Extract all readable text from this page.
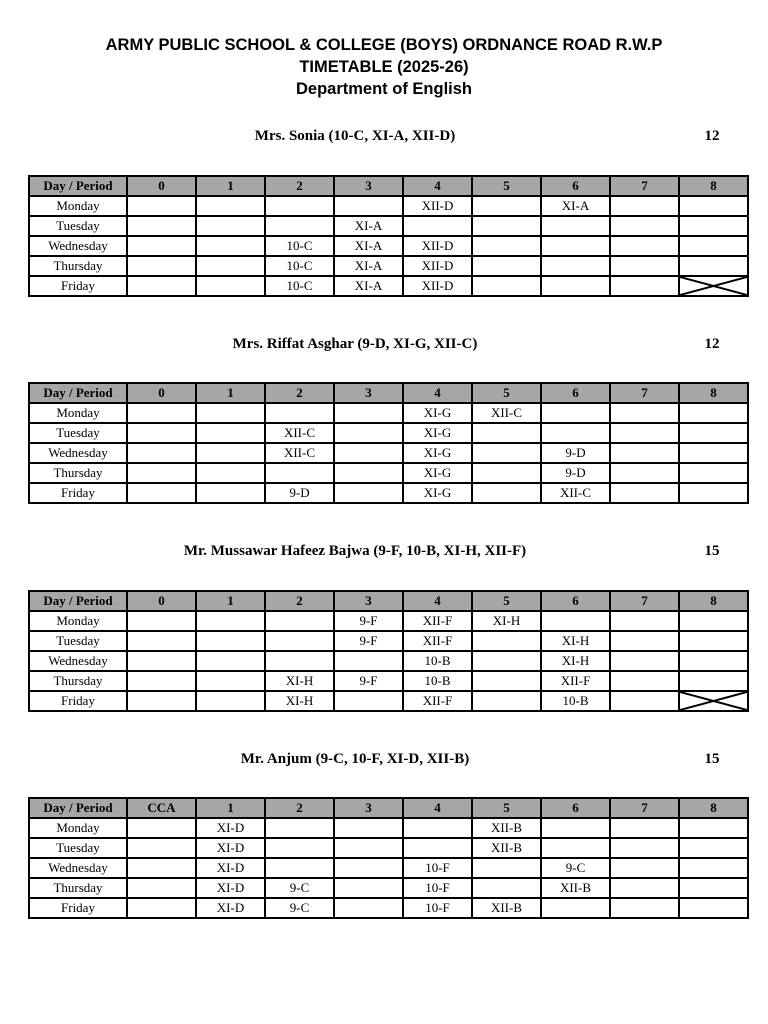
ARMY PUBLIC SCHOOL & COLLEGE (BOYS) ORDNANCE ROAD R.W.P
TIMETABLE (2025-26)
Department of English
Mrs. Sonia (10-C, XI-A, XII-D)	12
Day / Period	0	1	2	3	4	5	6	7	8
Monday					XII-D		XI-A		
Tuesday				XI-A					
Wednesday			10-C	XI-A	XII-D				
Thursday			10-C	XI-A	XII-D				
Friday			10-C	XI-A	XII-D				
Mrs. Riffat Asghar (9-D, XI-G, XII-C)	12
Day / Period	0	1	2	3	4	5	6	7	8
Monday					XI-G	XII-C			
Tuesday			XII-C		XI-G				
Wednesday			XII-C		XI-G		9-D		
Thursday					XI-G		9-D		
Friday			9-D		XI-G		XII-C		
Mr. Mussawar Hafeez Bajwa (9-F, 10-B, XI-H, XII-F)	15
Day / Period	0	1	2	3	4	5	6	7	8
Monday				9-F	XII-F	XI-H			
Tuesday				9-F	XII-F		XI-H		
Wednesday					10-B		XI-H		
Thursday			XI-H	9-F	10-B		XII-F		
Friday			XI-H		XII-F		10-B		
Mr. Anjum (9-C, 10-F, XI-D, XII-B)	15
Day / Period	CCA	1	2	3	4	5	6	7	8
Monday		XI-D				XII-B			
Tuesday		XI-D				XII-B			
Wednesday		XI-D			10-F		9-C		
Thursday		XI-D	9-C		10-F		XII-B		
Friday		XI-D	9-C		10-F	XII-B			
